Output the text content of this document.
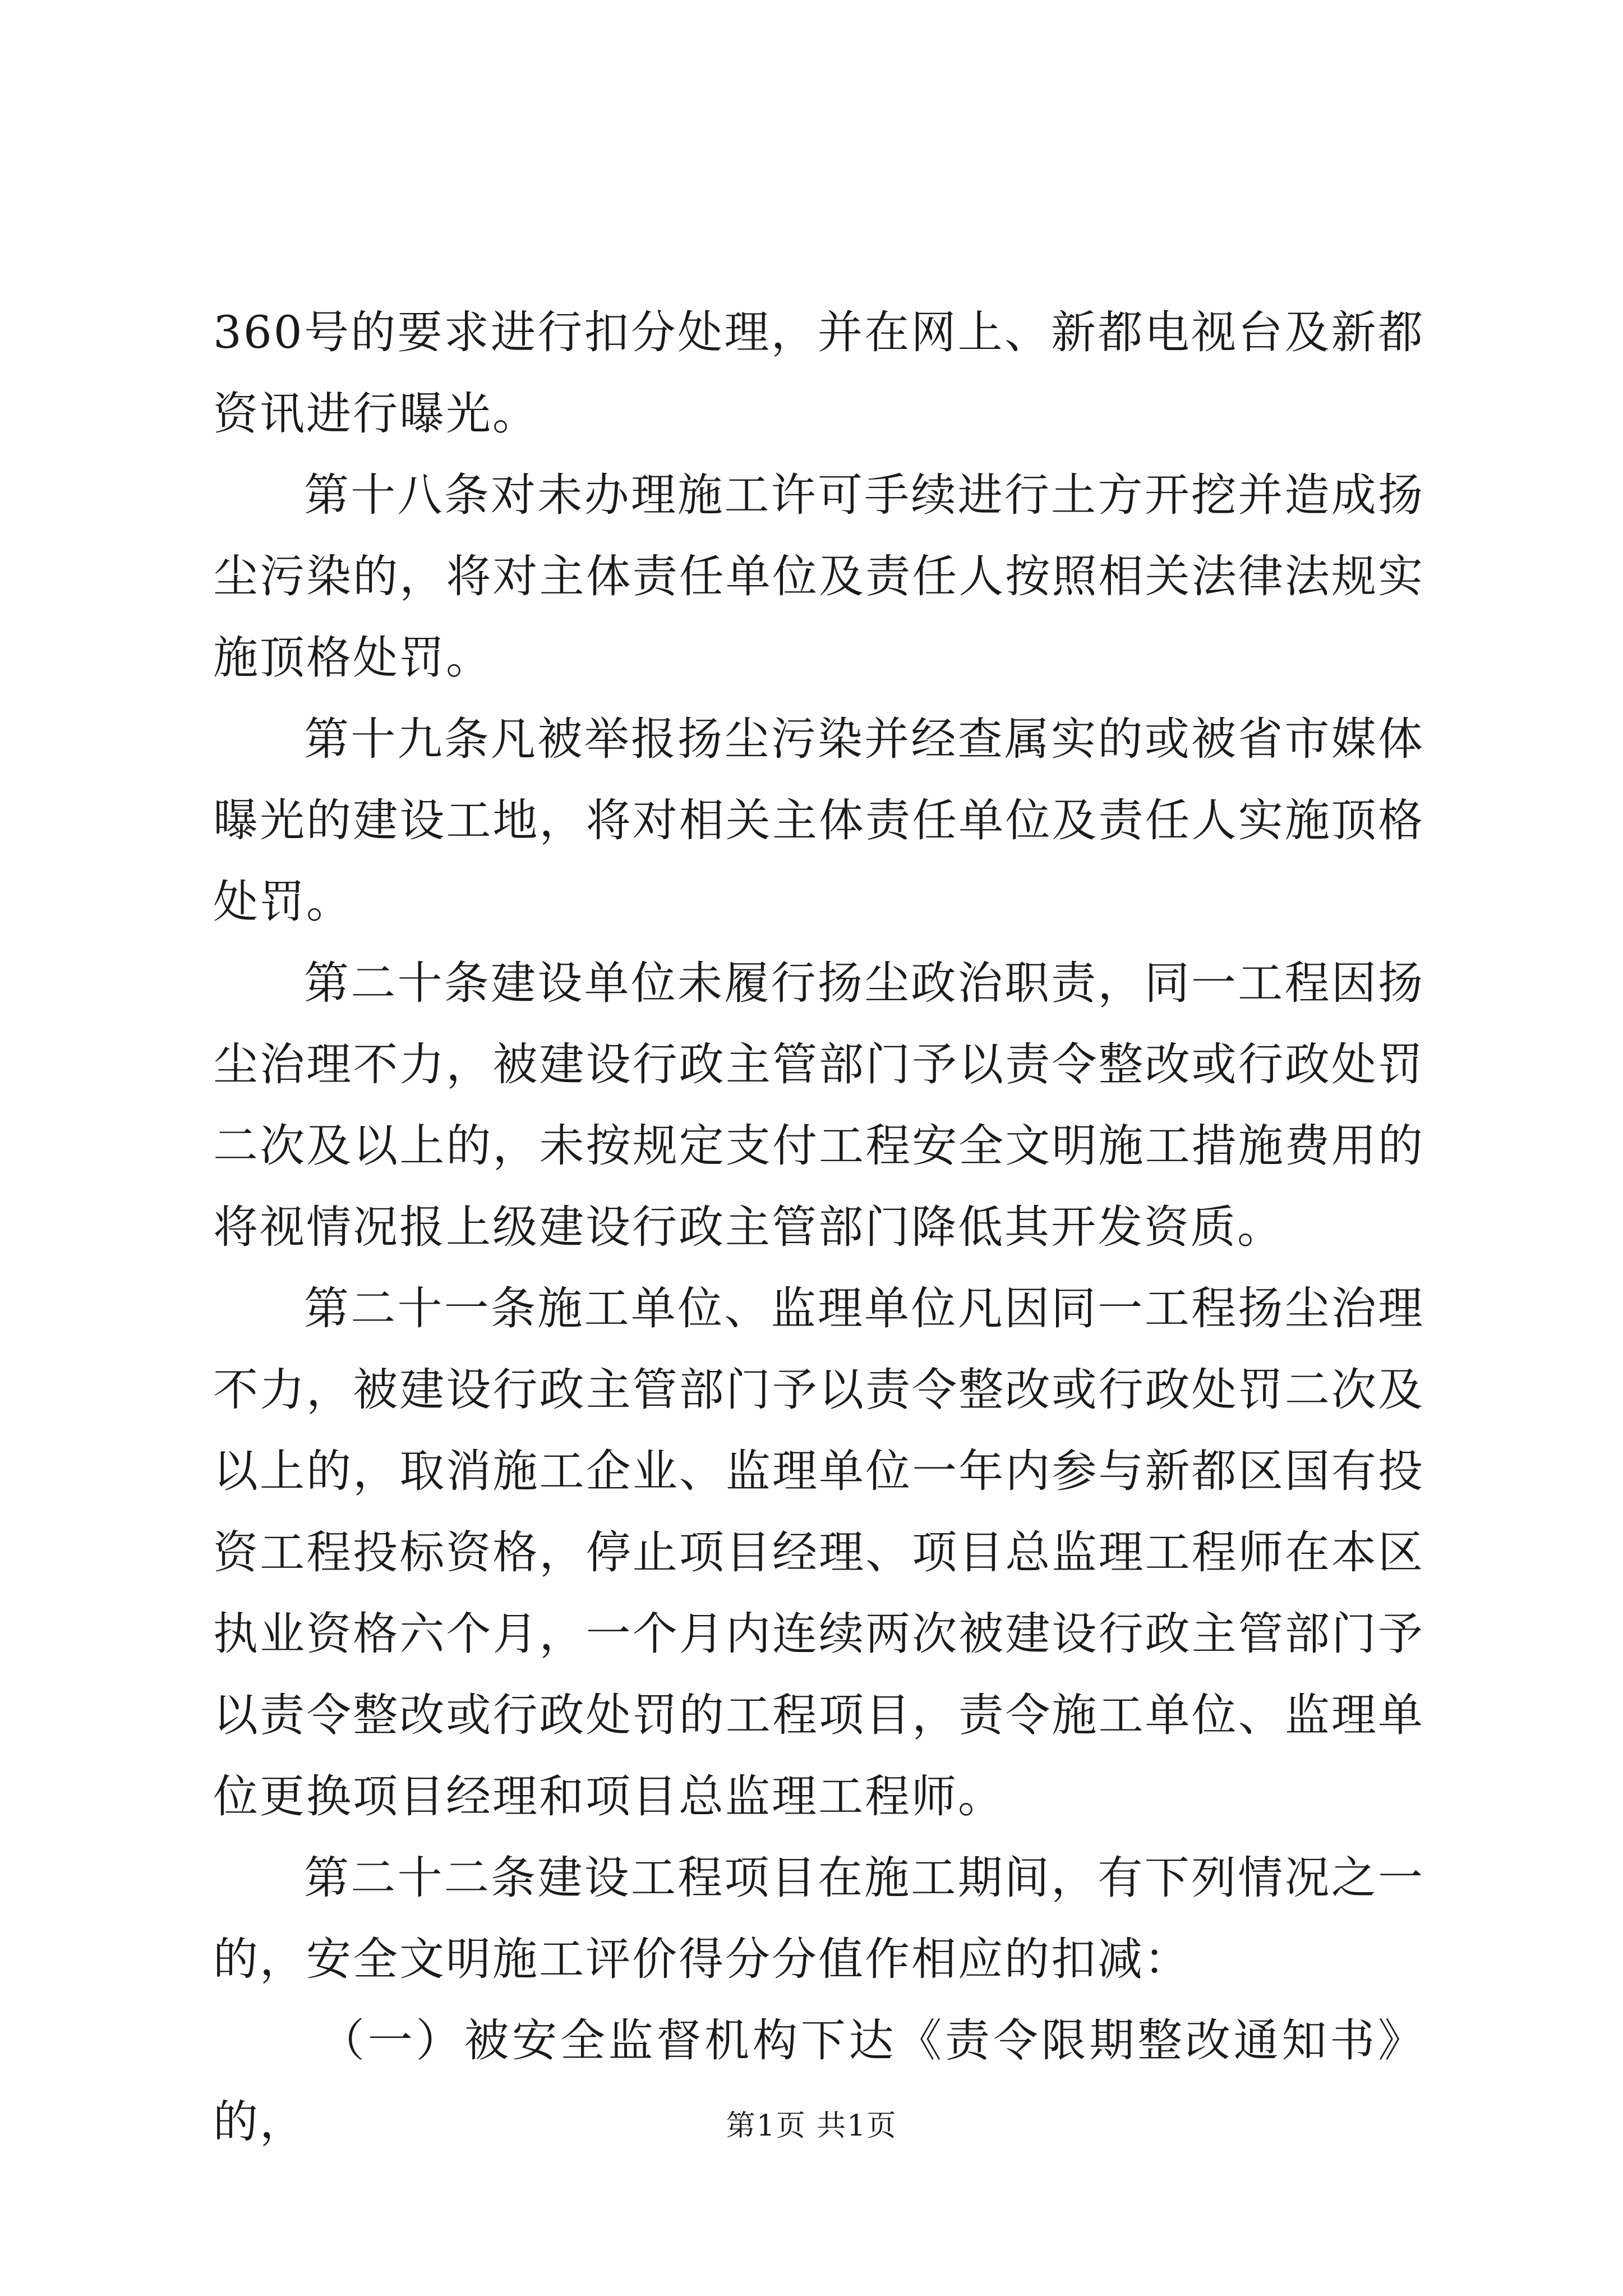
360号的要求进行扣分处理，并在网上、新都电视台及新都资讯进行曝光。

第十八条对未办理施工许可手续进行土方开挖并造成扬尘污染的，将对主体责任单位及责任人按照相关法律法规实施顶格处罚。

第十九条凡被举报扬尘污染并经查属实的或被省市媒体曝光的建设工地，将对相关主体责任单位及责任人实施顶格处罚。

第二十条建设单位未履行扬尘政治职责，同一工程因扬尘治理不力，被建设行政主管部门予以责令整改或行政处罚二次及以上的，未按规定支付工程安全文明施工措施费用的将视情况报上级建设行政主管部门降低其开发资质。

第二十一条施工单位、监理单位凡因同一工程扬尘治理不力，被建设行政主管部门予以责令整改或行政处罚二次及以上的，取消施工企业、监理单位一年内参与新都区国有投资工程投标资格，停止项目经理、项目总监理工程师在本区执业资格六个月，一个月内连续两次被建设行政主管部门予以责令整改或行政处罚的工程项目，责令施工单位、监理单位更换项目经理和项目总监理工程师。

第二十二条建设工程项目在施工期间，有下列情况之一的，安全文明施工评价得分分值作相应的扣减：

（一）被安全监督机构下达《责令限期整改通知书》的，	第1页 共1页
